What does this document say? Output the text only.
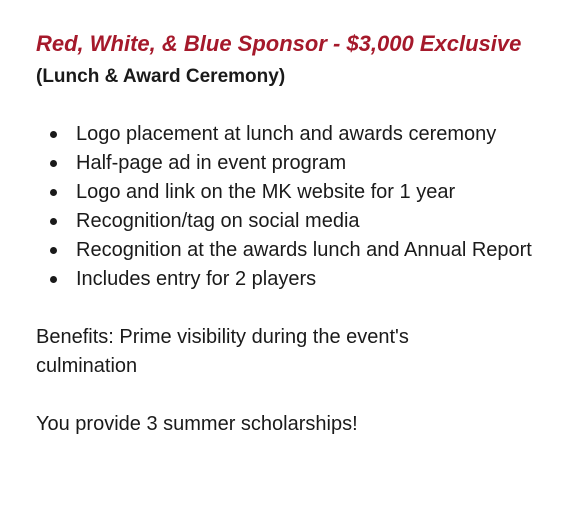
Red, White, & Blue Sponsor - $3,000 Exclusive
(Lunch & Award Ceremony)
Logo placement at lunch and awards ceremony
Half-page ad in event program
Logo and link on the MK website for 1 year
Recognition/tag on social media
Recognition at the awards lunch and Annual Report
Includes entry for 2 players

Benefits: Prime visibility during the event's culmination

You provide 3 summer scholarships!
